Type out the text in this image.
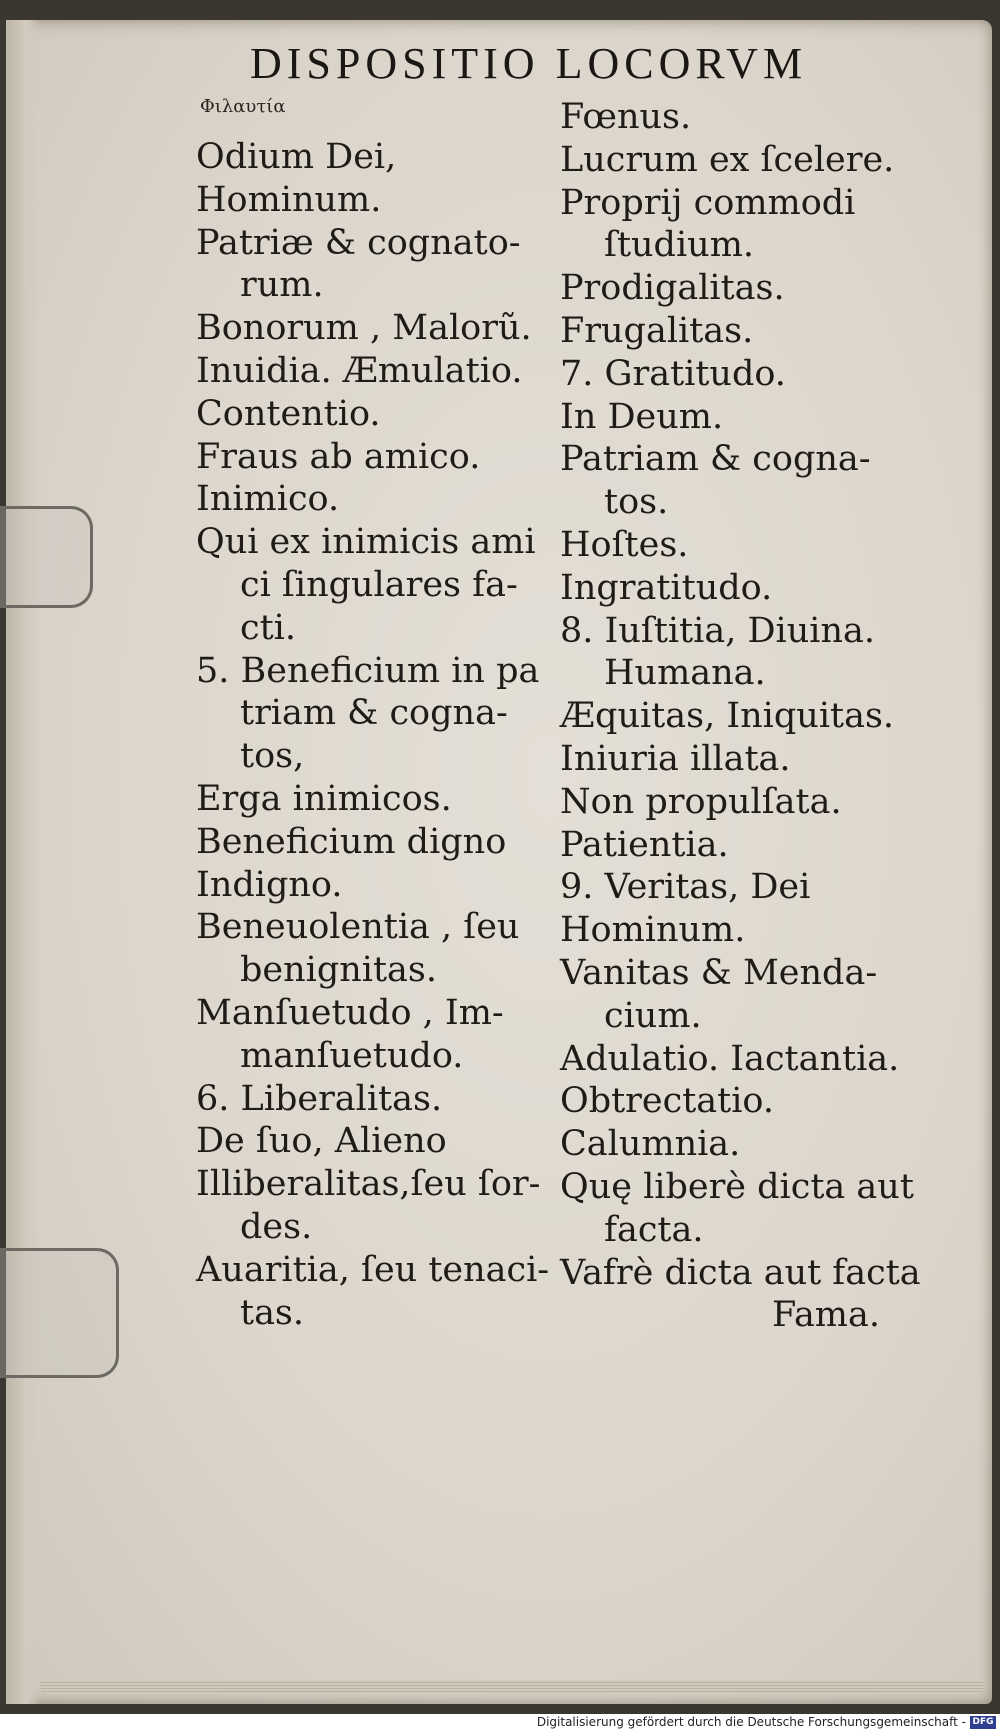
DISPOSITIO LOCORVM
Φιλαυτία
Odium Dei,
Hominum.
Patriæ & cognato-
rum.
Bonorum , Malorũ.
Inuidia. Æmulatio.
Contentio.
Fraus ab amico.
Inimico.
Qui ex inimicis ami
ci ſingulares fa-
cti.
5. Beneficium in pa
triam & cogna-
tos,
Erga inimicos.
Beneficium digno
Indigno.
Beneuolentia , ſeu
benignitas.
Manſuetudo , Im-
manſuetudo.
6. Liberalitas.
De ſuo, Alieno
Illiberalitas,ſeu ſor-
des.
Auaritia, ſeu tenaci-
tas.
Fœnus.
Lucrum ex ſcelere.
Proprij commodi
ſtudium.
Prodigalitas.
Frugalitas.
7. Gratitudo.
In Deum.
Patriam & cogna-
tos.
Hoſtes.
Ingratitudo.
8. Iuſtitia, Diuina.
Humana.
Æquitas, Iniquitas.
Iniuria illata.
Non propulſata.
Patientia.
9. Veritas, Dei
Hominum.
Vanitas & Menda-
cium.
Adulatio. Iactantia.
Obtrectatio.
Calumnia.
Quę liberè dicta aut
facta.
Vafrè dicta aut facta
Fama.
Digitalisierung gefördert durch die Deutsche Forschungsgemeinschaft - DFG
